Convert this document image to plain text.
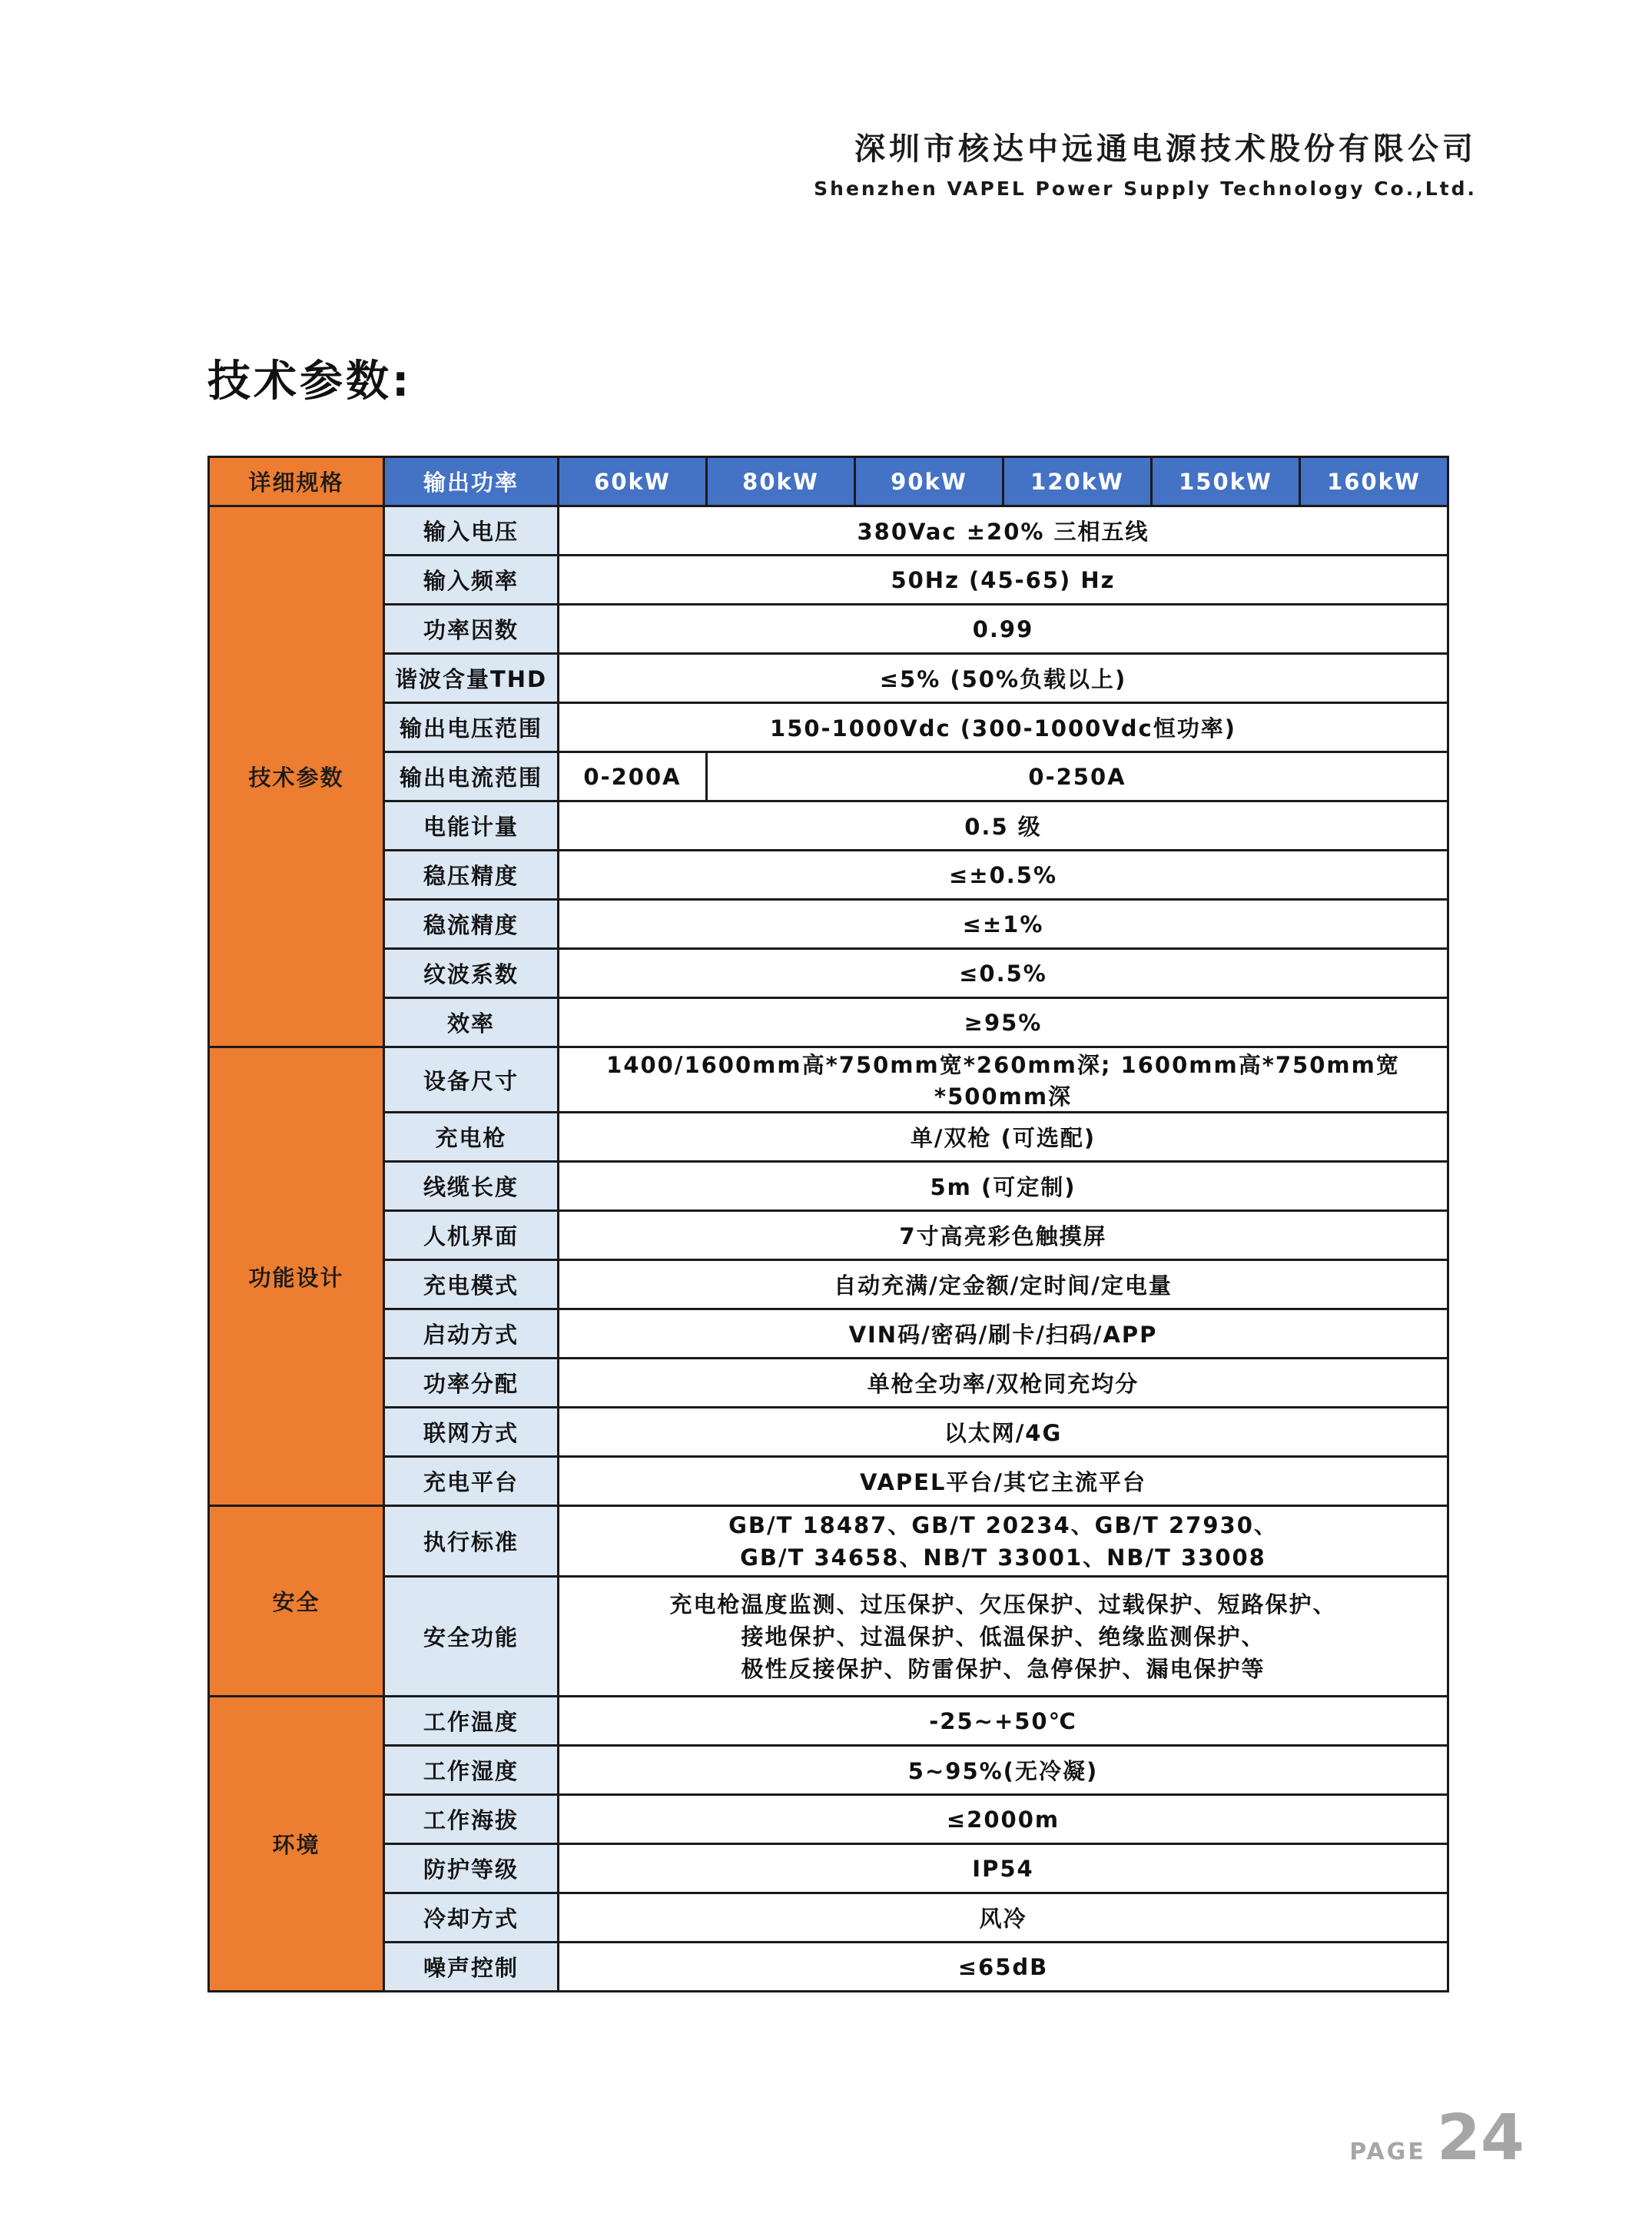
深圳市核达中远通电源技术股份有限公司
Shenzhen VAPEL Power Supply Technology Co.,Ltd.
技术参数:
详细规格	输出功率	60kW	80kW	90kW	120kW	150kW	160kW
技术参数	输入电压	380Vac ±20% 三相五线					
	输入频率	50Hz (45-65) Hz					
	功率因数	0.99					
	谐波含量THD	≤5% (50%负载以上)					
	输出电压范围	150-1000Vdc (300-1000Vdc恒功率)					
	输出电流范围	0-200A	0-250A				
	电能计量	0.5 级					
	稳压精度	≤±0.5%					
	稳流精度	≤±1%					
	纹波系数	≤0.5%					
	效率	≥95%					
功能设计	设备尺寸	1400/1600mm高*750mm宽*260mm深; 1600mm高*750mm宽*500mm深					
	充电枪	单/双枪 (可选配)					
	线缆长度	5m (可定制)					
	人机界面	7寸高亮彩色触摸屏					
	充电模式	自动充满/定金额/定时间/定电量					
	启动方式	VIN码/密码/刷卡/扫码/APP					
	功率分配	单枪全功率/双枪同充均分					
	联网方式	以太网/4G					
	充电平台	VAPEL平台/其它主流平台					
安全	执行标准	GB/T 18487、GB/T 20234、GB/T 27930、
GB/T 34658、NB/T 33001、NB/T 33008					

	安全功能	充电枪温度监测、过压保护、欠压保护、过载保护、短路保护、
接地保护、过温保护、低温保护、绝缘监测保护、
极性反接保护、防雷保护、急停保护、漏电保护等					

环境	工作温度	-25~+50℃					
	工作湿度	5~95%(无冷凝)					
	工作海拔	≤2000m					
	防护等级	IP54					
	冷却方式	风冷					
	噪声控制	≤65dB					
PAGE 24
